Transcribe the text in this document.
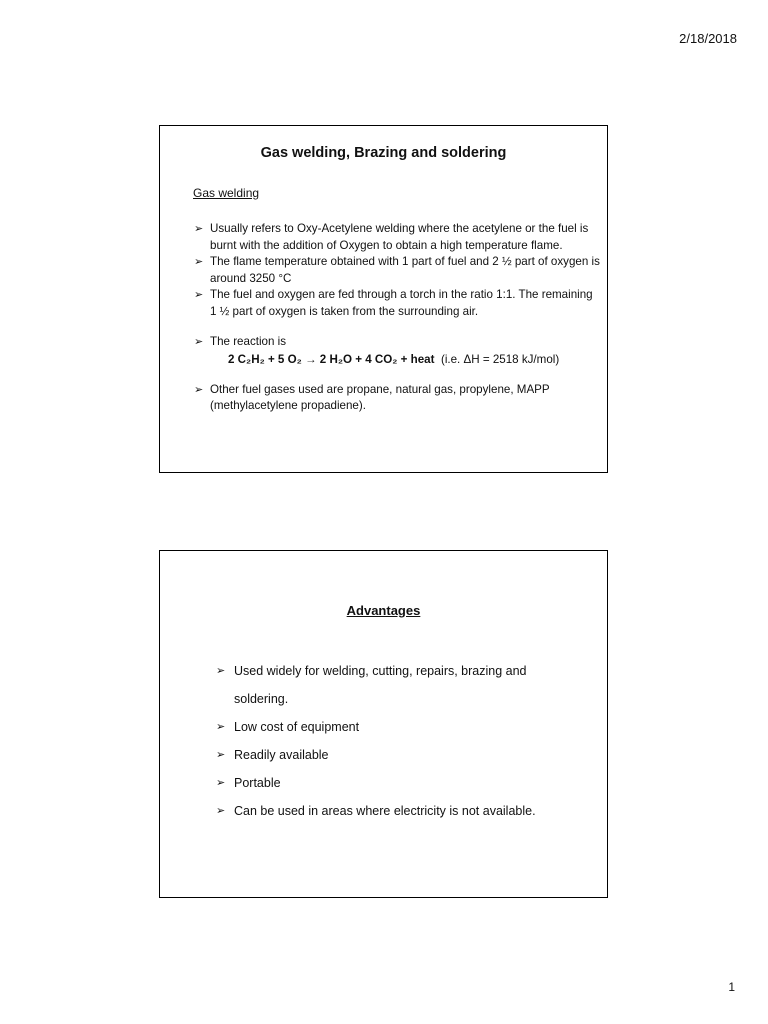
2/18/2018
Gas welding, Brazing and soldering
Gas welding
➢ Usually refers to Oxy-Acetylene welding where the acetylene or the fuel is burnt with the addition of Oxygen to obtain a high temperature flame.
➢ The flame temperature obtained with 1 part of fuel and 2 ½ part of oxygen is around 3250 °C
➢ The fuel and oxygen are fed through a torch in the ratio 1:1. The remaining 1 ½ part of oxygen is taken from the surrounding air.
➢ The reaction is
2 C₂H₂ + 5 O₂ → 2 H₂O + 4 CO₂ + heat (i.e. ΔH = 2518 kJ/mol)
➢ Other fuel gases used are propane, natural gas, propylene, MAPP (methylacetylene propadiene).
Advantages
➢ Used widely for welding, cutting, repairs, brazing and soldering.
➢ Low cost of equipment
➢ Readily available
➢ Portable
➢ Can be used in areas where electricity is not available.
1
